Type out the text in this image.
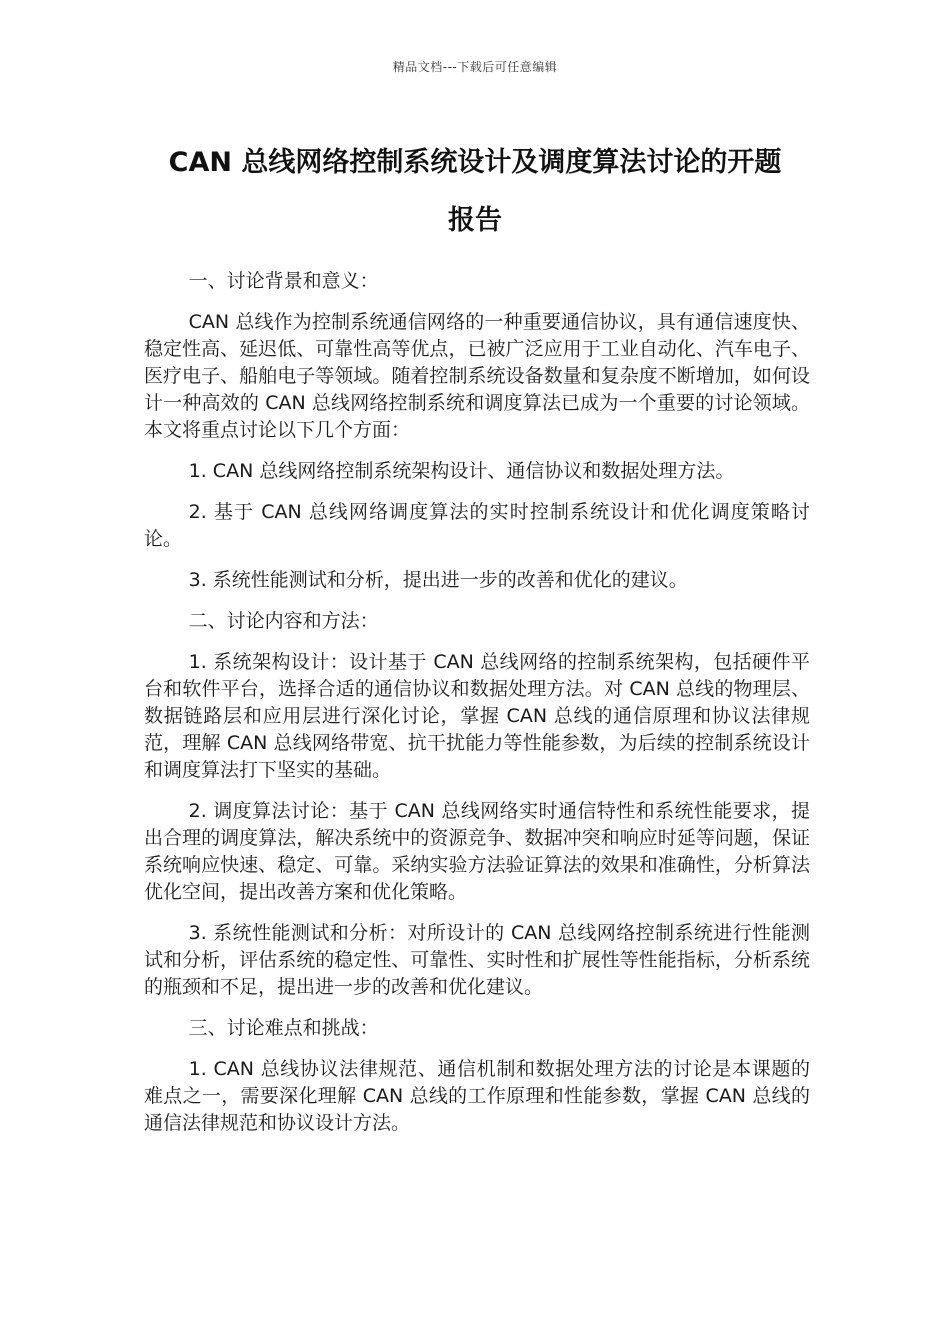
精品文档---下载后可任意编辑
CAN 总线网络控制系统设计及调度算法讨论的开题
报告

一、讨论背景和意义：

CAN 总线作为控制系统通信网络的一种重要通信协议，具有通信速度快、稳定性高、延迟低、可靠性高等优点，已被广泛应用于工业自动化、汽车电子、医疗电子、船舶电子等领域。随着控制系统设备数量和复杂度不断增加，如何设计一种高效的 CAN 总线网络控制系统和调度算法已成为一个重要的讨论领域。本文将重点讨论以下几个方面：

1. CAN 总线网络控制系统架构设计、通信协议和数据处理方法。

2. 基于 CAN 总线网络调度算法的实时控制系统设计和优化调度策略讨论。

3. 系统性能测试和分析，提出进一步的改善和优化的建议。

二、讨论内容和方法：

1. 系统架构设计：设计基于 CAN 总线网络的控制系统架构，包括硬件平台和软件平台，选择合适的通信协议和数据处理方法。对 CAN 总线的物理层、数据链路层和应用层进行深化讨论，掌握 CAN 总线的通信原理和协议法律规范，理解 CAN 总线网络带宽、抗干扰能力等性能参数，为后续的控制系统设计和调度算法打下坚实的基础。

2. 调度算法讨论：基于 CAN 总线网络实时通信特性和系统性能要求，提出合理的调度算法，解决系统中的资源竞争、数据冲突和响应时延等问题，保证系统响应快速、稳定、可靠。采纳实验方法验证算法的效果和准确性，分析算法优化空间，提出改善方案和优化策略。

3. 系统性能测试和分析：对所设计的 CAN 总线网络控制系统进行性能测试和分析，评估系统的稳定性、可靠性、实时性和扩展性等性能指标，分析系统的瓶颈和不足，提出进一步的改善和优化建议。

三、讨论难点和挑战：

1. CAN 总线协议法律规范、通信机制和数据处理方法的讨论是本课题的难点之一，需要深化理解 CAN 总线的工作原理和性能参数，掌握 CAN 总线的通信法律规范和协议设计方法。
